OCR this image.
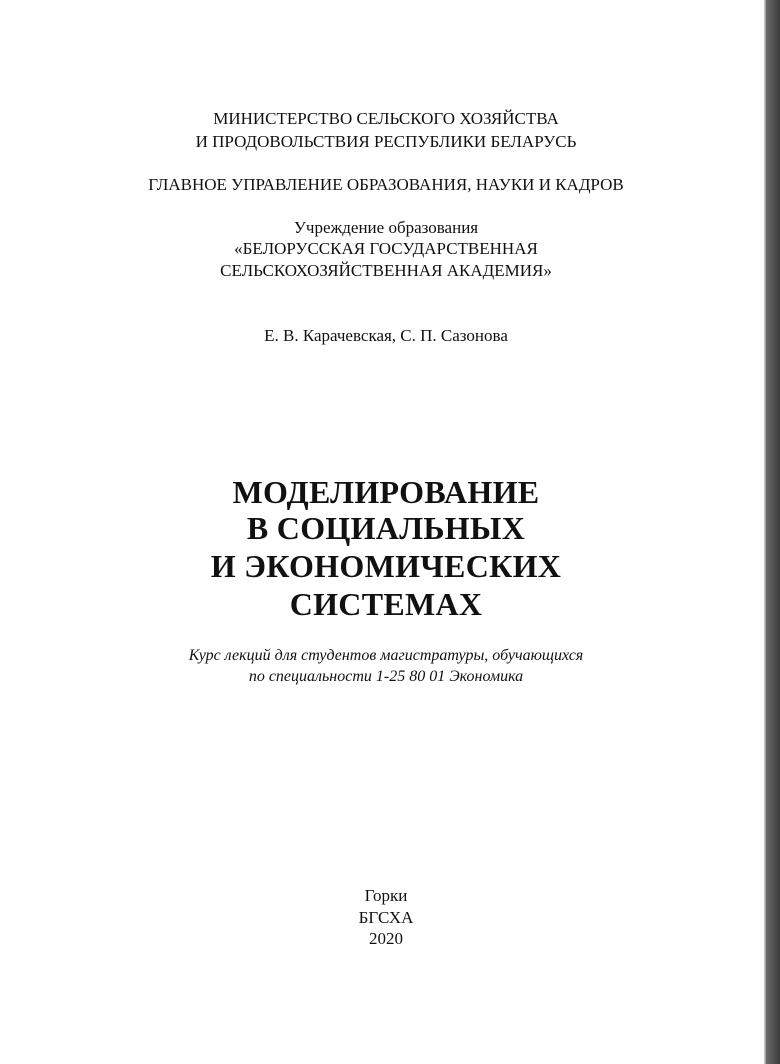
МИНИСТЕРСТВО СЕЛЬСКОГО ХОЗЯЙСТВА
И ПРОДОВОЛЬСТВИЯ РЕСПУБЛИКИ БЕЛАРУСЬ
ГЛАВНОЕ УПРАВЛЕНИЕ ОБРАЗОВАНИЯ, НАУКИ И КАДРОВ
Учреждение образования
«БЕЛОРУССКАЯ ГОСУДАРСТВЕННАЯ
СЕЛЬСКОХОЗЯЙСТВЕННАЯ АКАДЕМИЯ»
Е. В. Карачевская, С. П. Сазонова
МОДЕЛИРОВАНИЕ
В СОЦИАЛЬНЫХ
И ЭКОНОМИЧЕСКИХ
СИСТЕМАХ
Курс лекций для студентов магистратуры, обучающихся
по специальности 1-25 80 01 Экономика
Горки
БГСХА
2020
